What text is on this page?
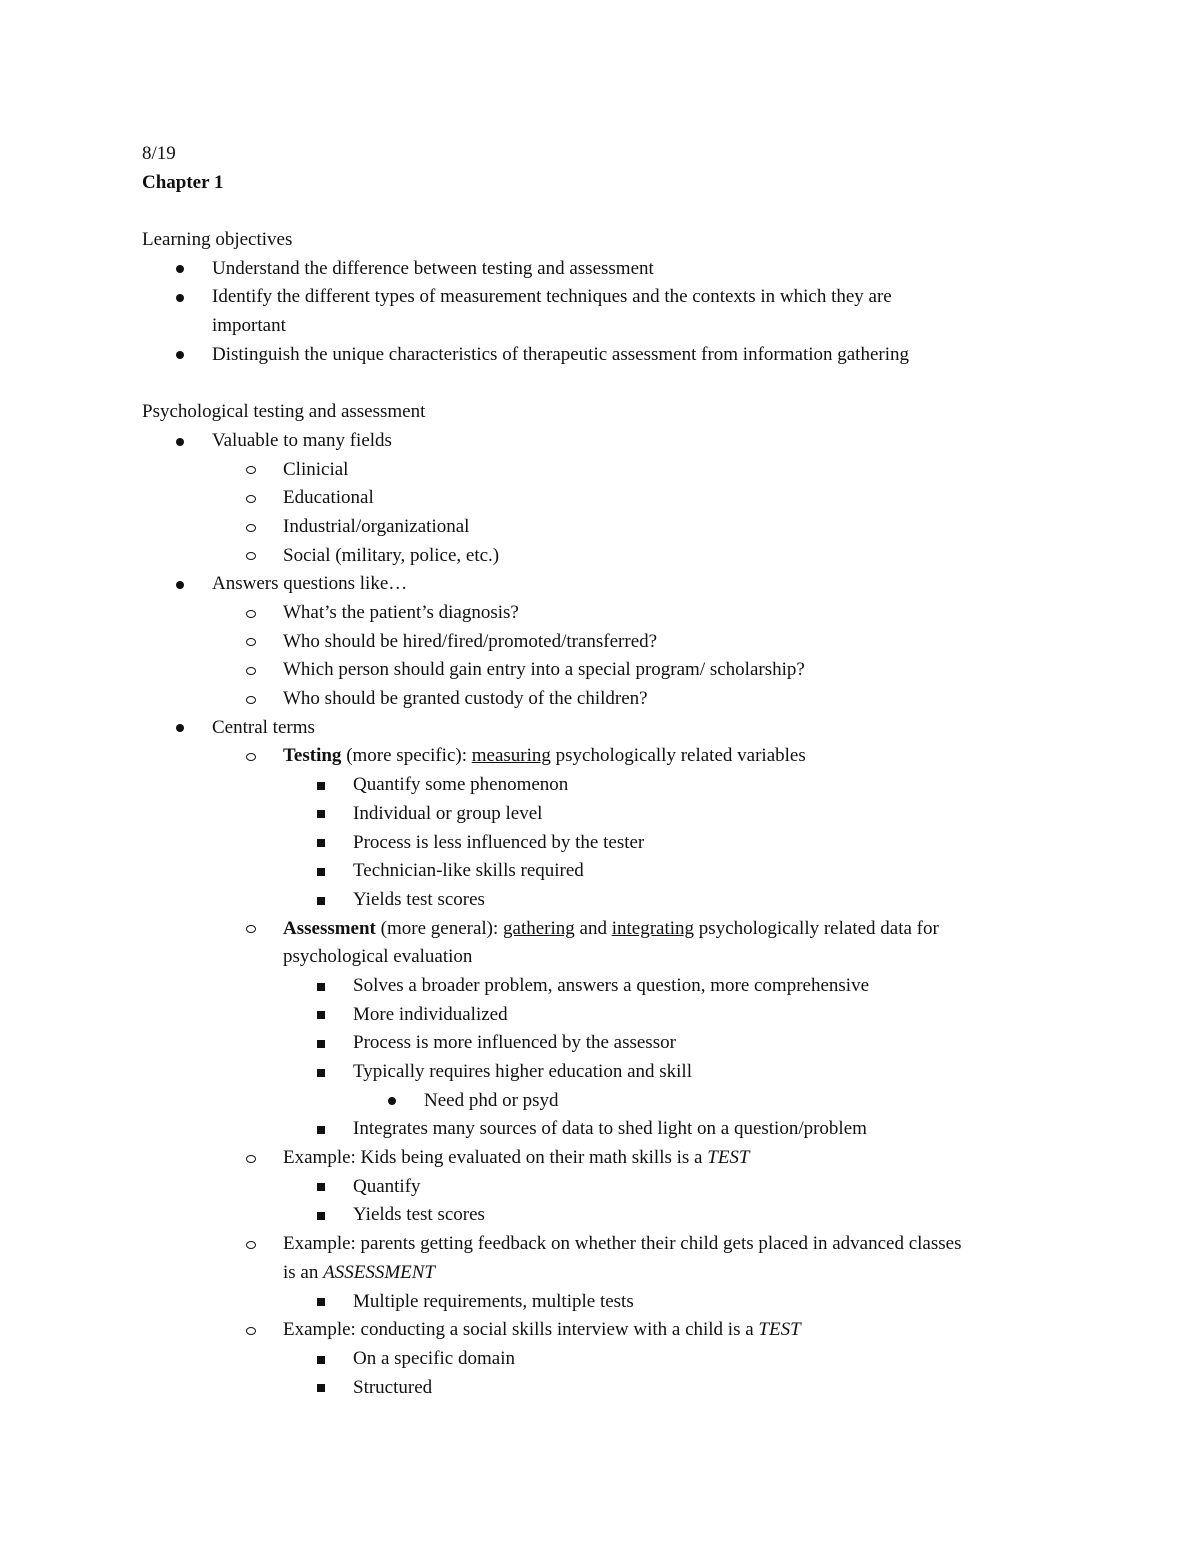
8/19
Chapter 1
Learning objectives
Understand the difference between testing and assessment
Identify the different types of measurement techniques and the contexts in which they are
important
Distinguish the unique characteristics of therapeutic assessment from information gathering
Psychological testing and assessment
Valuable to many fields
Clinicial
Educational
Industrial/organizational
Social (military, police, etc.)
Answers questions like…
What’s the patient’s diagnosis?
Who should be hired/fired/promoted/transferred?
Which person should gain entry into a special program/ scholarship?
Who should be granted custody of the children?
Central terms
Testing (more specific): measuring psychologically related variables
Quantify some phenomenon
Individual or group level
Process is less influenced by the tester
Technician-like skills required
Yields test scores
Assessment (more general): gathering and integrating psychologically related data for
psychological evaluation
Solves a broader problem, answers a question, more comprehensive
More individualized
Process is more influenced by the assessor
Typically requires higher education and skill
Need phd or psyd
Integrates many sources of data to shed light on a question/problem
Example: Kids being evaluated on their math skills is a TEST
Quantify
Yields test scores
Example: parents getting feedback on whether their child gets placed in advanced classes
is an ASSESSMENT
Multiple requirements, multiple tests
Example: conducting a social skills interview with a child is a TEST
On a specific domain
Structured
